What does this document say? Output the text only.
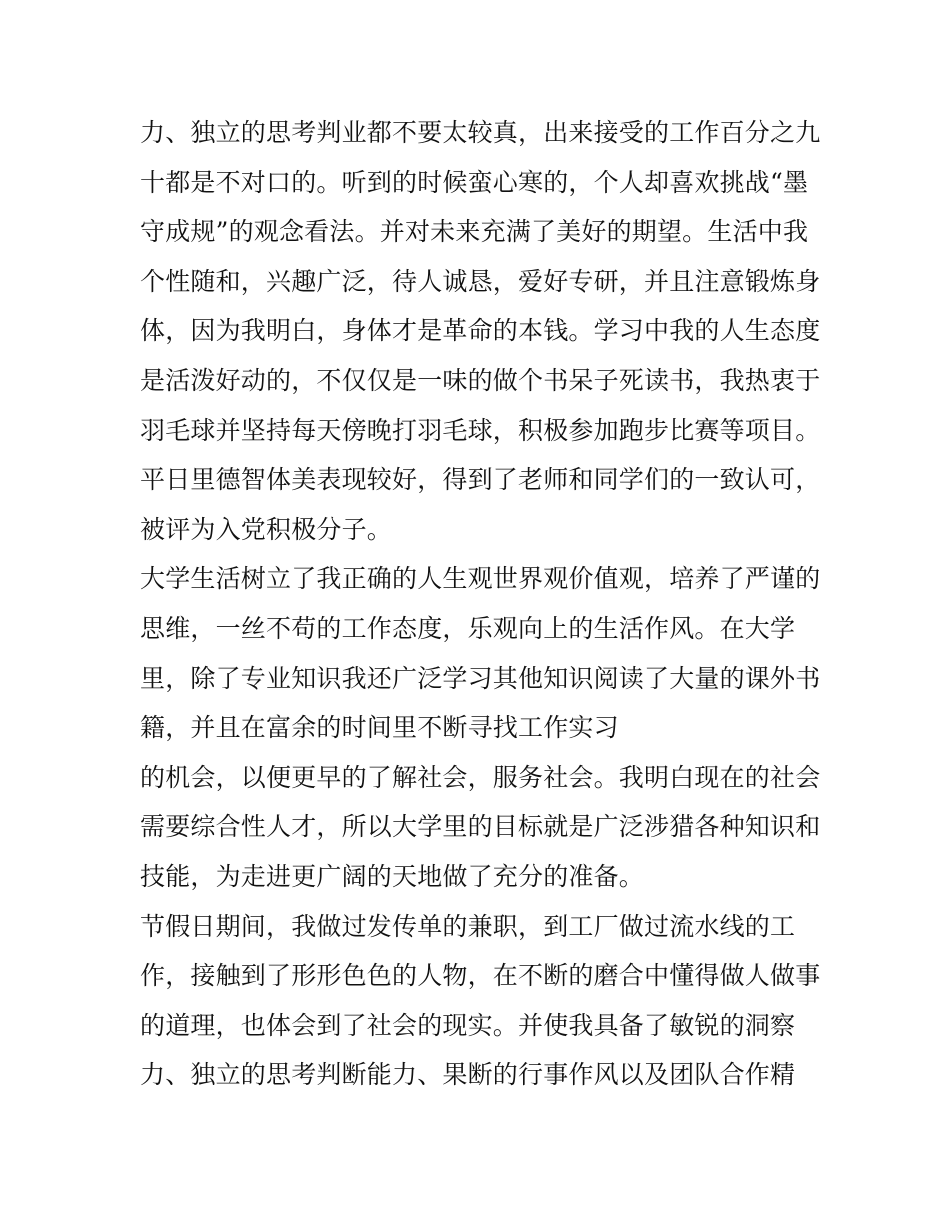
力、独立的思考判业都不要太较真，出来接受的工作百分之九
十都是不对口的。听到的时候蛮心寒的，个人却喜欢挑战“墨
守成规”的观念看法。并对未来充满了美好的期望。生活中我
个性随和，兴趣广泛，待人诚恳，爱好专研，并且注意锻炼身
体，因为我明白，身体才是革命的本钱。学习中我的人生态度
是活泼好动的，不仅仅是一味的做个书呆子死读书，我热衷于
羽毛球并坚持每天傍晚打羽毛球，积极参加跑步比赛等项目。
平日里德智体美表现较好，得到了老师和同学们的一致认可，
被评为入党积极分子。
大学生活树立了我正确的人生观世界观价值观，培养了严谨的
思维，一丝不苟的工作态度，乐观向上的生活作风。在大学
里，除了专业知识我还广泛学习其他知识阅读了大量的课外书
籍，并且在富余的时间里不断寻找工作实习
的机会，以便更早的了解社会，服务社会。我明白现在的社会
需要综合性人才，所以大学里的目标就是广泛涉猎各种知识和
技能，为走进更广阔的天地做了充分的准备。
节假日期间，我做过发传单的兼职，到工厂做过流水线的工
作，接触到了形形色色的人物，在不断的磨合中懂得做人做事
的道理，也体会到了社会的现实。并使我具备了敏锐的洞察
力、独立的思考判断能力、果断的行事作风以及团队合作精
